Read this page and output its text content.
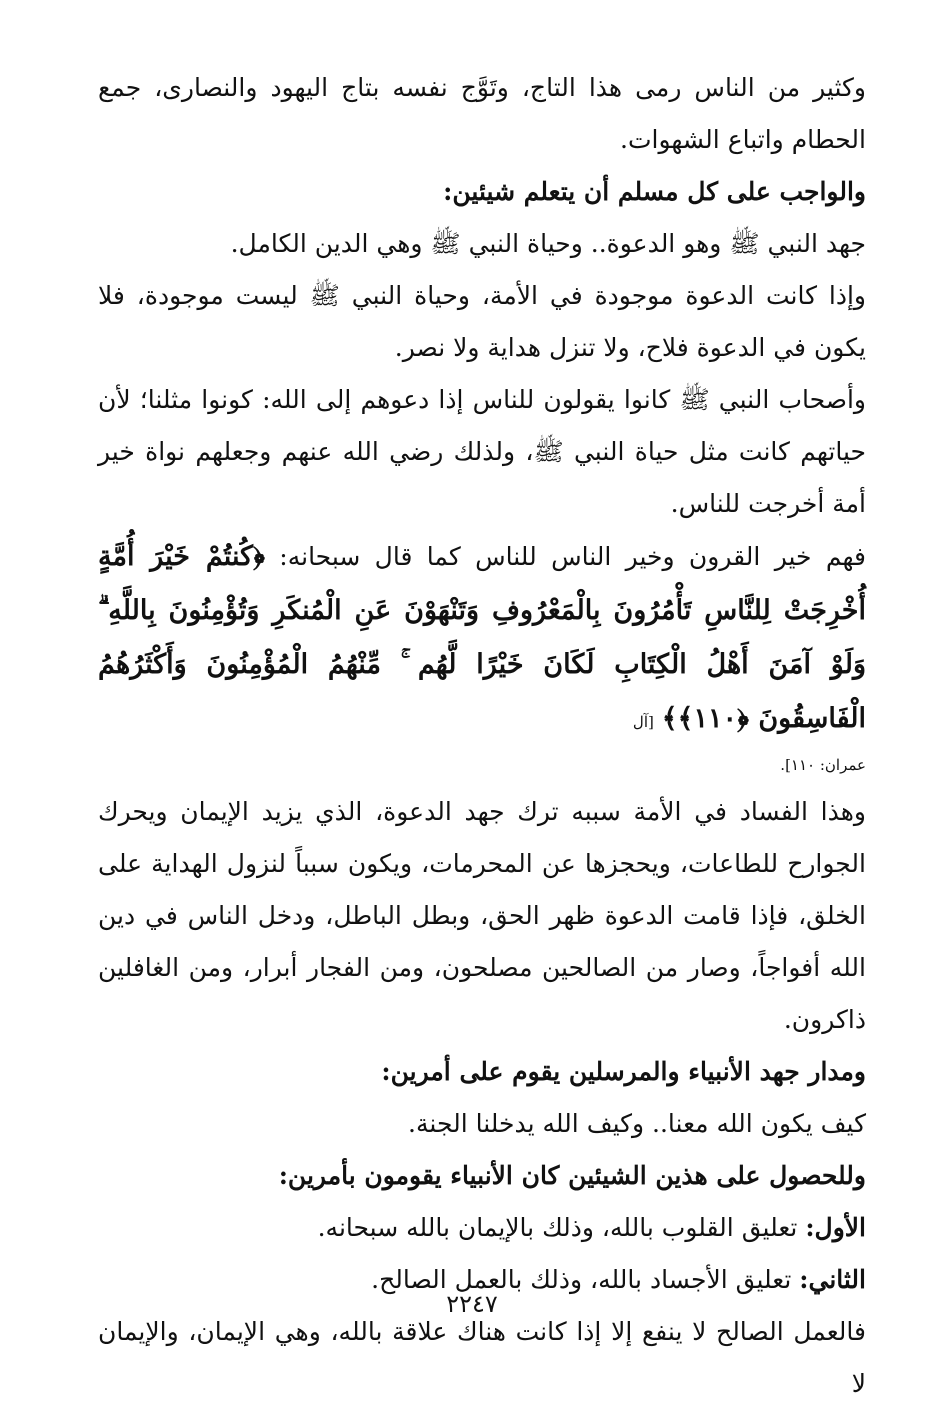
وكثير من الناس رمى هذا التاج، وتَوَّج نفسه بتاج اليهود والنصارى، جمع الحطام واتباع الشهوات.

والواجب على كل مسلم أن يتعلم شيئين:

جهد النبي ﷺ وهو الدعوة.. وحياة النبي ﷺ وهي الدين الكامل.

وإذا كانت الدعوة موجودة في الأمة، وحياة النبي ﷺ ليست موجودة، فلا يكون في الدعوة فلاح، ولا تنزل هداية ولا نصر.

وأصحاب النبي ﷺ كانوا يقولون للناس إذا دعوهم إلى الله: كونوا مثلنا؛ لأن حياتهم كانت مثل حياة النبي ﷺ، ولذلك رضي الله عنهم وجعلهم نواة خير أمة أخرجت للناس.

فهم خير القرون وخير الناس للناس كما قال سبحانه: ﴿كُنتُمْ خَيْرَ أُمَّةٍ أُخْرِجَتْ لِلنَّاسِ تَأْمُرُونَ بِالْمَعْرُوفِ وَتَنْهَوْنَ عَنِ الْمُنكَرِ وَتُؤْمِنُونَ بِاللَّهِ ۗ وَلَوْ آمَنَ أَهْلُ الْكِتَابِ لَكَانَ خَيْرًا لَّهُم ۚ مِّنْهُمُ الْمُؤْمِنُونَ وَأَكْثَرُهُمُ الْفَاسِقُونَ ﴿١١٠﴾﴾ [آل

عمران: ١١٠].

وهذا الفساد في الأمة سببه ترك جهد الدعوة، الذي يزيد الإيمان ويحرك الجوارح للطاعات، ويحجزها عن المحرمات، ويكون سبباً لنزول الهداية على الخلق، فإذا قامت الدعوة ظهر الحق، وبطل الباطل، ودخل الناس في دين الله أفواجاً، وصار من الصالحين مصلحون، ومن الفجار أبرار، ومن الغافلين ذاكرون.

ومدار جهد الأنبياء والمرسلين يقوم على أمرين:

كيف يكون الله معنا.. وكيف الله يدخلنا الجنة.

وللحصول على هذين الشيئين كان الأنبياء يقومون بأمرين:

الأول: تعليق القلوب بالله، وذلك بالإيمان بالله سبحانه.

الثاني: تعليق الأجساد بالله، وذلك بالعمل الصالح.

فالعمل الصالح لا ينفع إلا إذا كانت هناك علاقة بالله، وهي الإيمان، والإيمان لا

٢٢٤٧
